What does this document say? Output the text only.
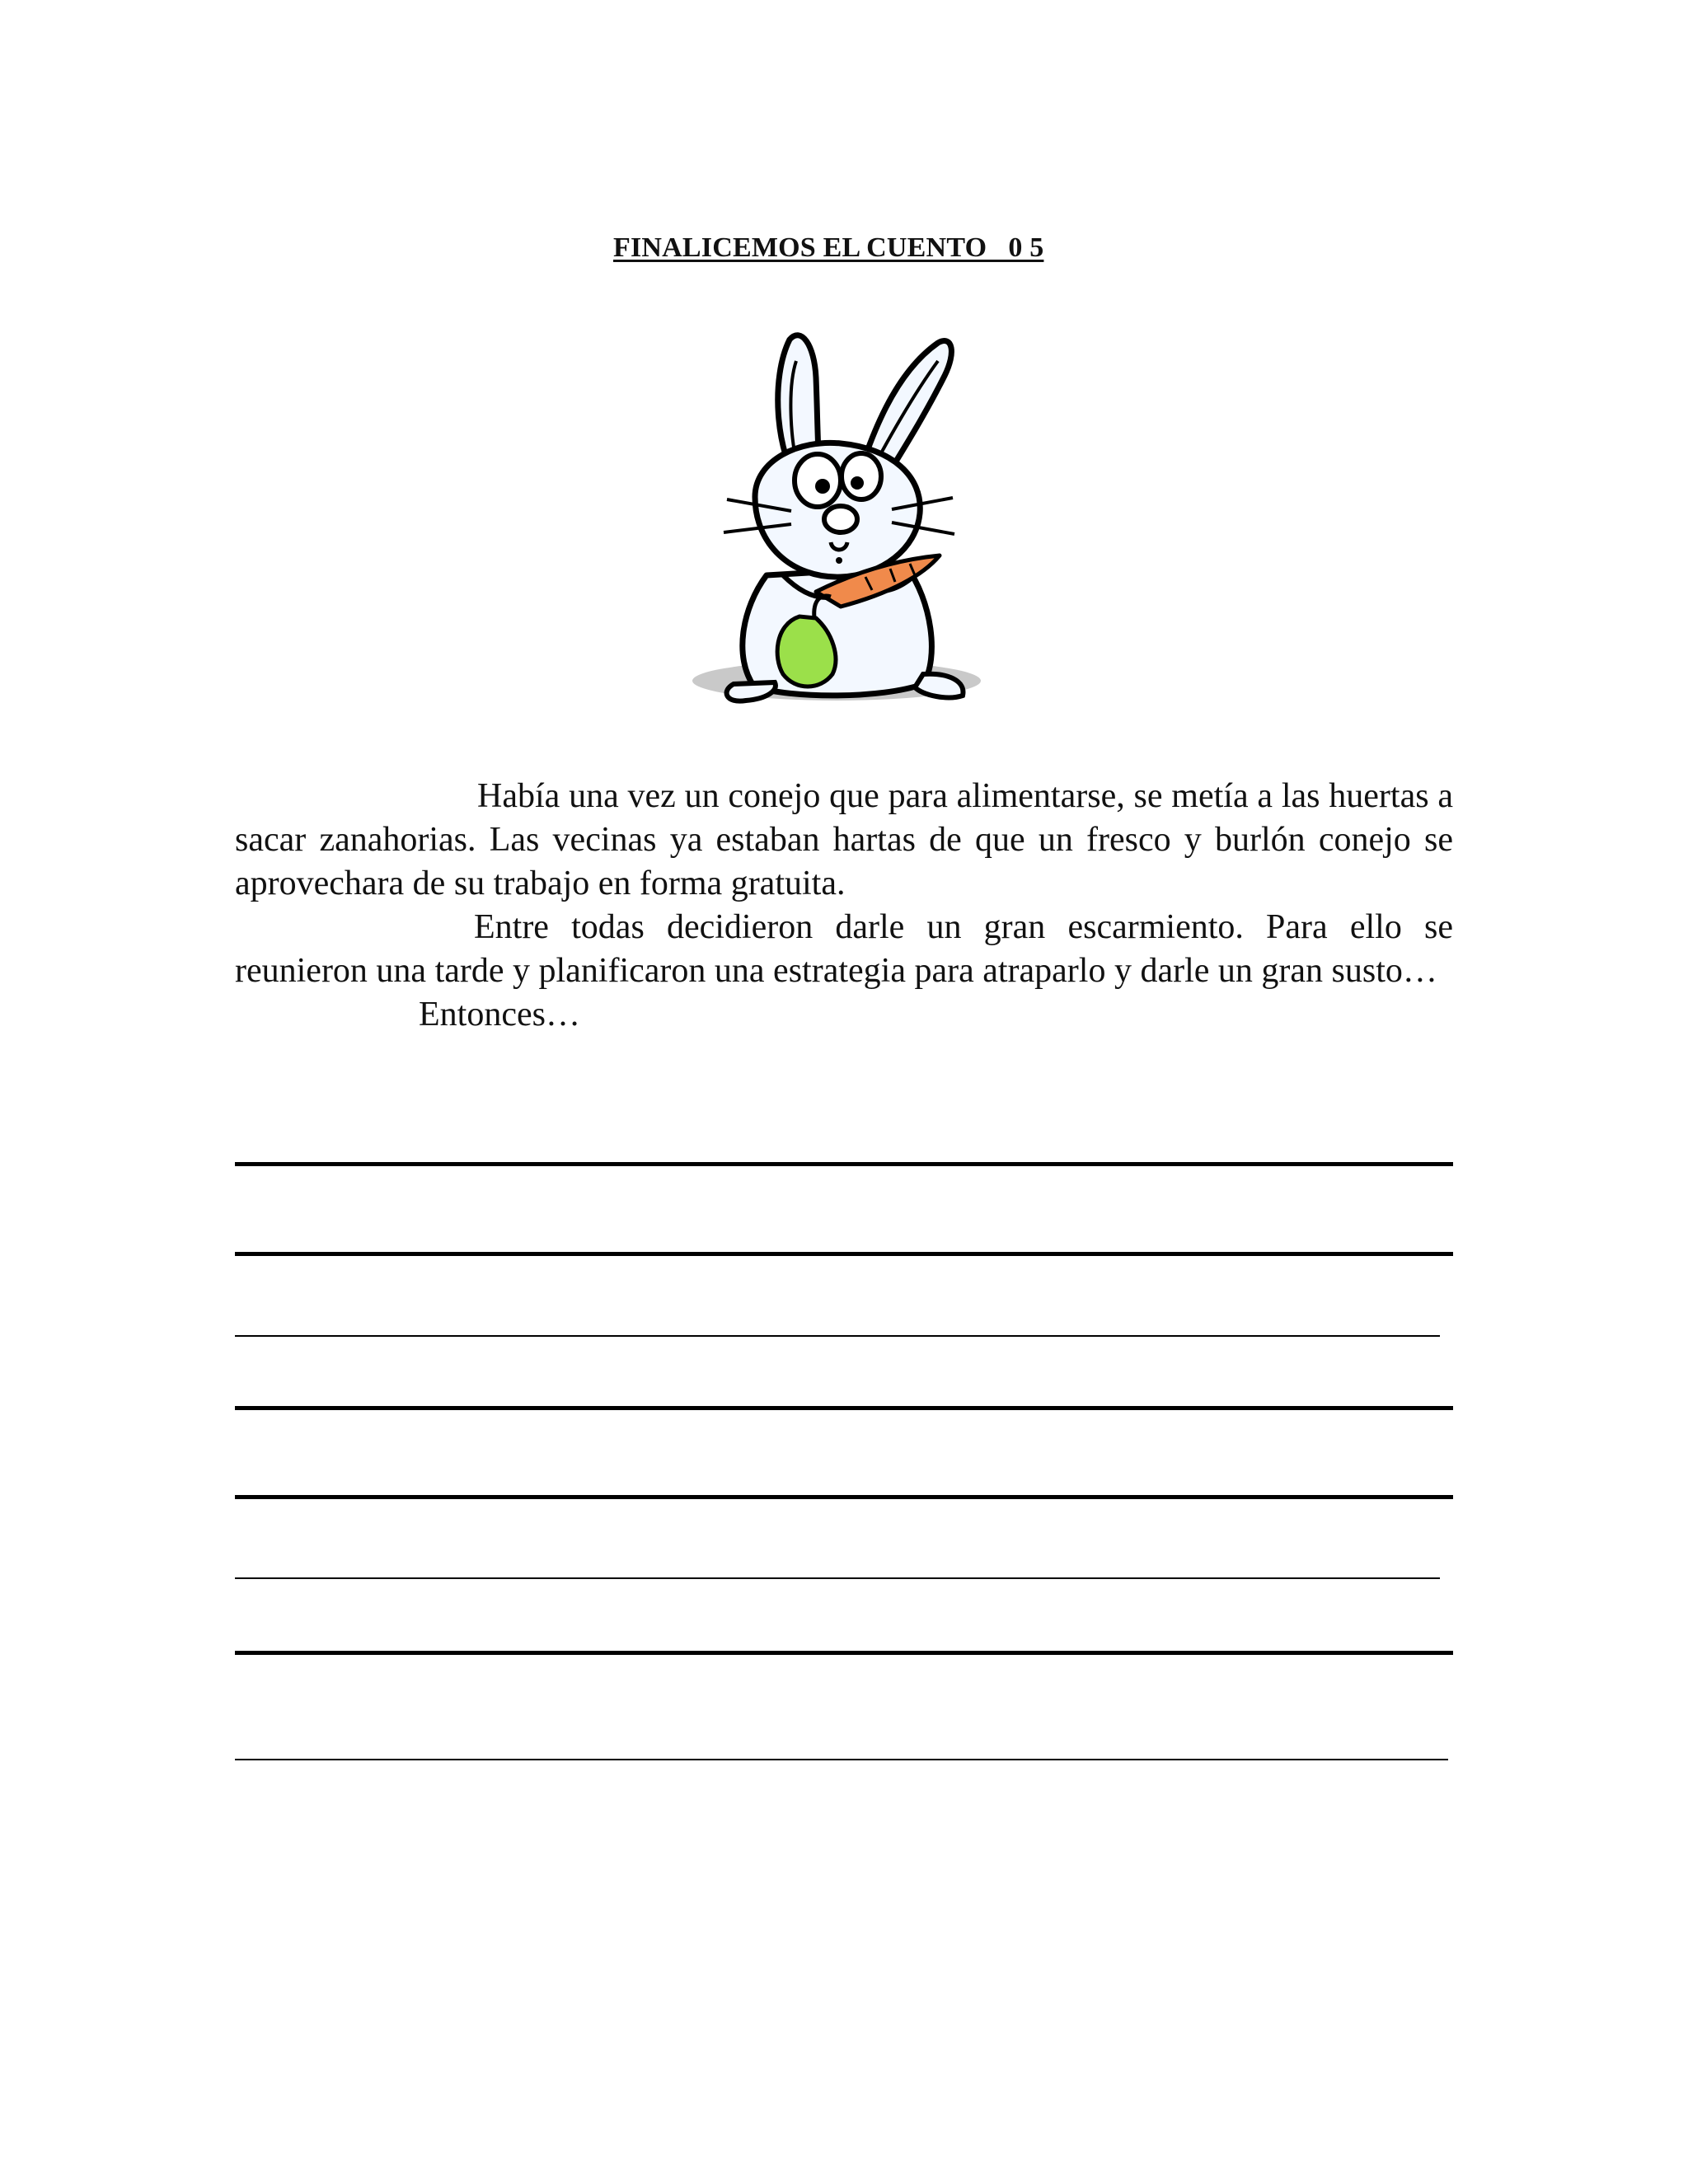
FINALICEMOS EL CUENTO   0 5

Había una vez un conejo que para alimentarse, se metía a las huertas a sacar zanahorias. Las vecinas ya estaban hartas de que un fresco y burlón conejo se aprovechara de su trabajo en forma gratuita.

Entre todas decidieron darle un gran escarmiento. Para ello se reunieron una tarde y planificaron una estrategia para atraparlo y darle un gran susto…

Entonces…
